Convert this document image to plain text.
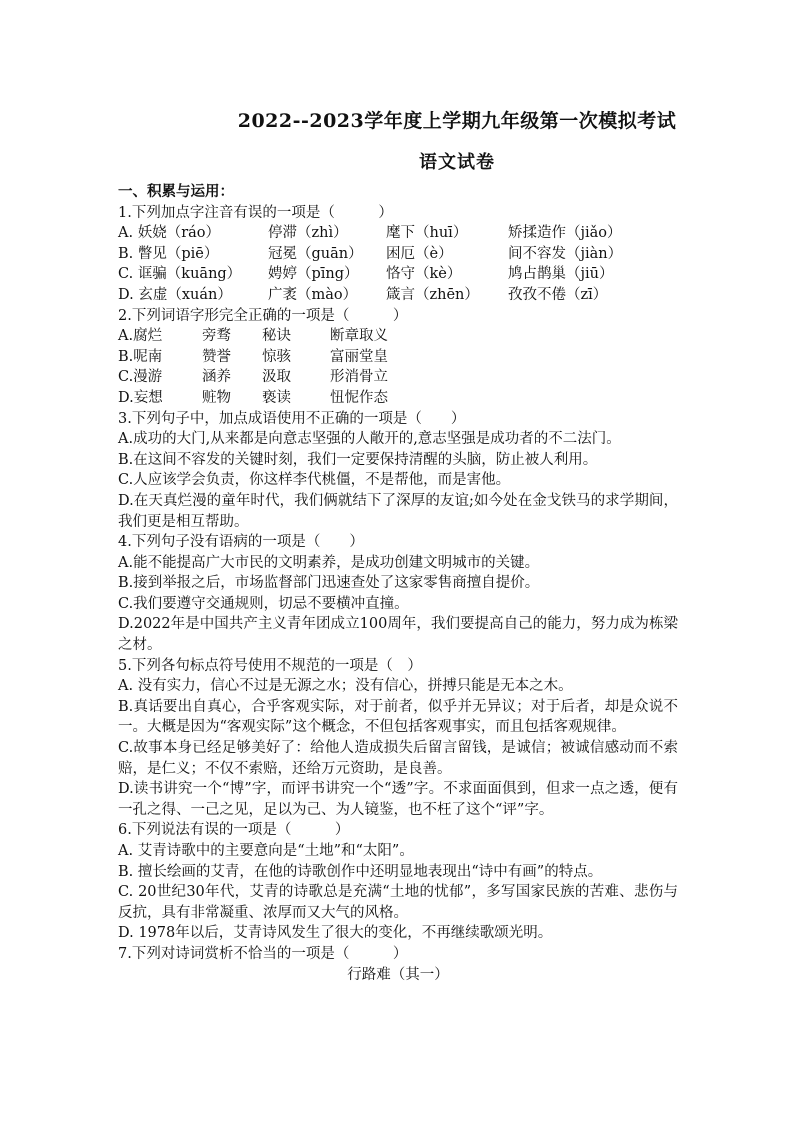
2022--2023学年度上学期九年级第一次模拟考试
语文试卷
一、积累与运用：
1.下列加点字注音有误的一项是（　　　）
A. 妖娆（ráo）	停滞（zhì）	麾下（huī）	矫揉造作（jiǎo）
B. 瞥见（piē）	冠冕（guān）	困厄（è）	间不容发（jiàn）
C. 诓骗（kuāng）	娉婷（pīng）	恪守（kè）	鸠占鹊巢（jiū）
D. 玄虚（xuán）	广袤（mào）	箴言（zhēn）	孜孜不倦（zī）
2.下列词语字形完全正确的一项是（　　　）
A.腐烂	旁骛	秘诀	断章取义
B.呢南	赞誉	惊骇	富丽堂皇
C.漫游	涵养	汲取	形消骨立
D.妄想	赃物	亵读	忸怩作态
3.下列句子中，加点成语使用不正确的一项是（　　）
A.成功的大门,从来都是向意志坚强的人敞开的,意志坚强是成功者的不二法门。
B.在这间不容发的关键时刻，我们一定要保持清醒的头脑，防止被人利用。
C.人应该学会负责，你这样李代桃僵，不是帮他，而是害他。
D.在天真烂漫的童年时代，我们俩就结下了深厚的友谊;如今处在金戈铁马的求学期间，我们更是相互帮助。
4.下列句子没有语病的一项是（　　）
A.能不能提高广大市民的文明素养，是成功创建文明城市的关键。
B.接到举报之后，市场监督部门迅速查处了这家零售商擅自提价。
C.我们要遵守交通规则，切忌不要横冲直撞。
D.2022年是中国共产主义青年团成立100周年，我们要提高自己的能力，努力成为栋梁之材。
5.下列各句标点符号使用不规范的一项是（　）
A. 没有实力，信心不过是无源之水；没有信心，拼搏只能是无本之木。
B.真话要出自真心，合乎客观实际，对于前者，似乎并无异议；对于后者，却是众说不一。大概是因为“客观实际”这个概念，不但包括客观事实，而且包括客观规律。
C.故事本身已经足够美好了：给他人造成损失后留言留钱，是诚信；被诚信感动而不索赔，是仁义；不仅不索赔，还给万元资助，是良善。
D.读书讲究一个“博”字，而评书讲究一个“透”字。不求面面俱到，但求一点之透，便有一孔之得、一己之见，足以为己、为人镜鉴，也不枉了这个“评”字。
6.下列说法有误的一项是（　　　）
A. 艾青诗歌中的主要意向是“土地”和“太阳”。
B. 擅长绘画的艾青，在他的诗歌创作中还明显地表现出“诗中有画”的特点。
C. 20世纪30年代，艾青的诗歌总是充满“土地的忧郁”，多写国家民族的苦难、悲伤与反抗，具有非常凝重、浓厚而又大气的风格。
D. 1978年以后，艾青诗风发生了很大的变化，不再继续歌颂光明。
7.下列对诗词赏析不恰当的一项是（　　　）
行路难（其一）
